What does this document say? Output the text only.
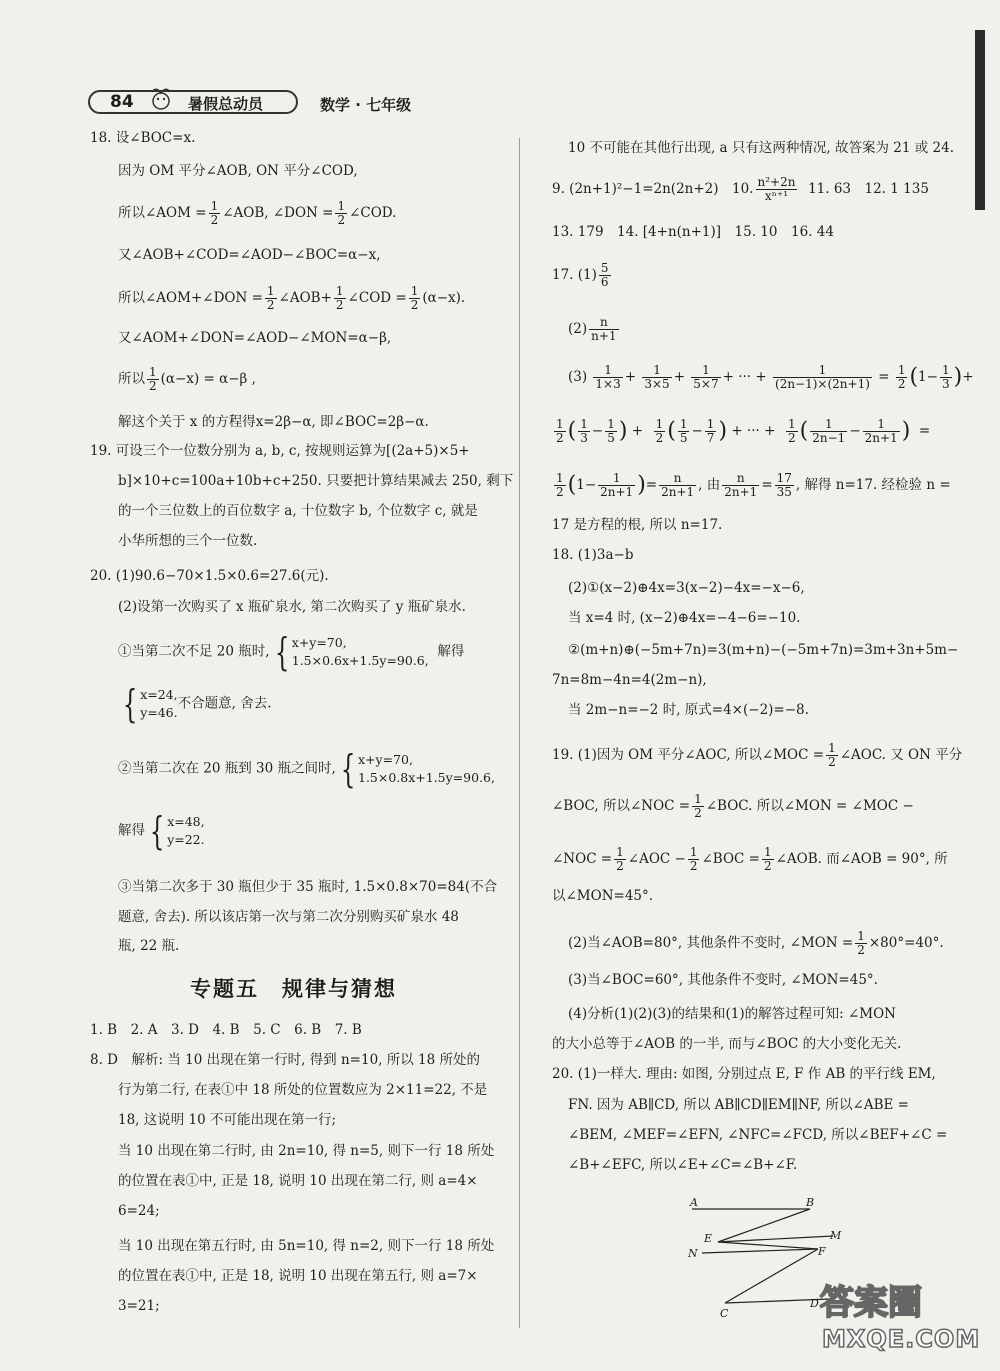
84	暑假总动员	数学 · 七年级
18. 设∠BOC=x.
因为 OM 平分∠AOB, ON 平分∠COD,
所以∠AOM = $\frac{1}{2}$ ∠AOB, ∠DON = $\frac{1}{2}$ ∠COD.
又∠AOB+∠COD=∠AOD−∠BOC=α−x,
所以∠AOM+∠DON = $\frac{1}{2}$ ∠AOB+ $\frac{1}{2}$ ∠COD = $\frac{1}{2} (\alpha-x)$.
又∠AOM+∠DON=∠AOD−∠MON=α−β,
所以 $\frac{1}{2} (\alpha-x) = \alpha-\beta$ ,
解这个关于 x 的方程得x=2β−α, 即∠BOC=2β−α.
19. 可设三个一位数分别为 a, b, c, 按规则运算为[(2a+5)×5+
b]×10+c=100a+10b+c+250. 只要把计算结果减去 250, 剩下
的一个三位数上的百位数字 a, 十位数字 b, 个位数字 c, 就是
小华所想的三个一位数.
20. (1)90.6−70×1.5×0.6=27.6(元).
(2)设第一次购买了 x 瓶矿泉水, 第二次购买了 y 瓶矿泉水.
①当第二次不足 20 瓶时, { x+y=70,
1.5×0.6x+1.5y=90.6,
解得
{ x=24,
y=46.
不合题意, 舍去.
②当第二次在 20 瓶到 30 瓶之间时, { x+y=70,
1.5×0.8x+1.5y=90.6,
解得 { x=48,
y=22.
③当第二次多于 30 瓶但少于 35 瓶时, 1.5×0.8×70=84(不合
题意, 舍去). 所以该店第一次与第二次分别购买矿泉水 48
瓶, 22 瓶.
1. B　2. A　3. D　4. B　5. C　6. B　7. B
8. D　解析: 当 10 出现在第一行时, 得到 n=10, 所以 18 所处的
行为第二行, 在表①中 18 所处的位置数应为 2×11=22, 不是
18, 这说明 10 不可能出现在第一行;
当 10 出现在第二行时, 由 2n=10, 得 n=5, 则下一行 18 所处
的位置在表①中, 正是 18, 说明 10 出现在第二行, 则 a=4×
6=24;
当 10 出现在第五行时, 由 5n=10, 得 n=2, 则下一行 18 所处
的位置在表①中, 正是 18, 说明 10 出现在第五行, 则 a=7×
3=21;
专题五　规律与猜想
10 不可能在其他行出现, a 只有这两种情况, 故答案为 21 或 24.
9. (2n+1)²−1=2n(2n+2)　10. $\frac{\text{n²+2n}}{\text{xⁿ⁺¹}} 11$. 63　12. 1 135
13. 179　14. [4+n(n+1)]　15. 10　16. 44
17. $(1) \frac{5}{6}$
$(2) \frac{n}{n+1}$
$(3) \frac{1}{1\times 3} + \frac{1}{3\times 5} + \frac{1}{5\times 7}$ + ··· + $\frac{1}{(2n-1)\times(2n+1)} = \frac{1}{2} (1- \frac{1}{3}$ )+
$\frac{1}{2}$ ( $\frac{1}{3} - \frac{1}{5}$ ) + $\frac{1}{2}$ ( $\frac{1}{5} - \frac{1}{7}$ ) + ··· + $\frac{1}{2}$ ( $\frac{1}{2n-1} - \frac{1}{2n+1}$ )  =
$\frac{1}{2} (1- \frac{1}{2n+1}$ )= $\frac{n}{2n+1}$ , 由 $\frac{n}{2n+1} = \frac{17}{35}$ , 解得 n=17. 经检验 n =
17 是方程的根, 所以 n=17.
18. (1)3a−b
(2)①(x−2)⊕4x=3(x−2)−4x=−x−6,
当 x=4 时, (x−2)⊕4x=−4−6=−10.
②(m+n)⊕(−5m+7n)=3(m+n)−(−5m+7n)=3m+3n+5m−
7n=8m−4n=4(2m−n),
当 2m−n=−2 时, 原式=4×(−2)=−8.
19. (1)因为 OM 平分∠AOC, 所以∠MOC = $\frac{1}{2}$ ∠AOC. 又 ON 平分
∠BOC, 所以∠NOC = $\frac{1}{2}$ ∠BOC. 所以∠MON = ∠MOC −
∠NOC = $\frac{1}{2}$ ∠AOC − $\frac{1}{2}$ ∠BOC = $\frac{1}{2}$ ∠AOB. 而∠AOB = 90°, 所
以∠MON=45°.
(2)当∠AOB=80°, 其他条件不变时, ∠MON = $\frac{1}{2} \times 80^\circ=40^\circ$.
(3)当∠BOC=60°, 其他条件不变时, ∠MON=45°.
(4)分析(1)(2)(3)的结果和(1)的解答过程可知: ∠MON
的大小总等于∠AOB 的一半, 而与∠BOC 的大小变化无关.
20. (1)一样大. 理由: 如图, 分别过点 E, F 作 AB 的平行线 EM,
FN. 因为 AB∥CD, 所以 AB∥CD∥EM∥NF, 所以∠ABE =
∠BEM, ∠MEF=∠EFN, ∠NFC=∠FCD, 所以∠BEF+∠C =
∠B+∠EFC, 所以∠E+∠C=∠B+∠F.
A	B
E	M
N	F
C
D 答案圈
MXQE.COM
